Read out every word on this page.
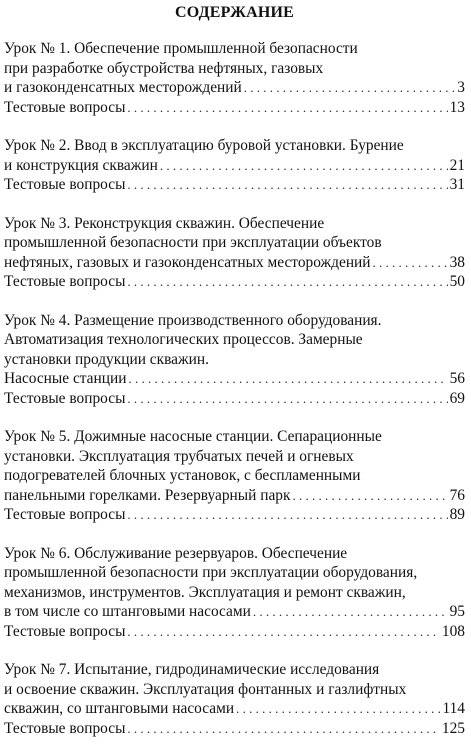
СОДЕРЖАНИЕ
Урок № 1. Обеспечение промышленной безопасности
при разработке обустройства нефтяных, газовых
и газоконденсатных месторождений . . .	3
Тестовые вопросы . . .	13
Урок № 2. Ввод в эксплуатацию буровой установки. Бурение
и конструкция скважин . . .	21
Тестовые вопросы . . .	31
Урок № 3. Реконструкция скважин. Обеспечение
промышленной безопасности при эксплуатации объектов
нефтяных, газовых и газоконденсатных месторождений . . .	38
Тестовые вопросы . . .	50
Урок № 4. Размещение производственного оборудования.
Автоматизация технологических процессов. Замерные
установки продукции скважин.
Насосные станции . . .	56
Тестовые вопросы . . .	69
Урок № 5. Дожимные насосные станции. Сепарационные
установки. Эксплуатация трубчатых печей и огневых
подогревателей блочных установок, с беспламенными
панельными горелками. Резервуарный парк . . .	76
Тестовые вопросы . . .	89
Урок № 6. Обслуживание резервуаров. Обеспечение
промышленной безопасности при эксплуатации оборудования,
механизмов, инструментов. Эксплуатация и ремонт скважин,
в том числе со штанговыми насосами . . .	95
Тестовые вопросы . . .	108
Урок № 7. Испытание, гидродинамические исследования
и освоение скважин. Эксплуатация фонтанных и газлифтных
скважин, со штанговыми насосами . . .	114
Тестовые вопросы . . .	125
